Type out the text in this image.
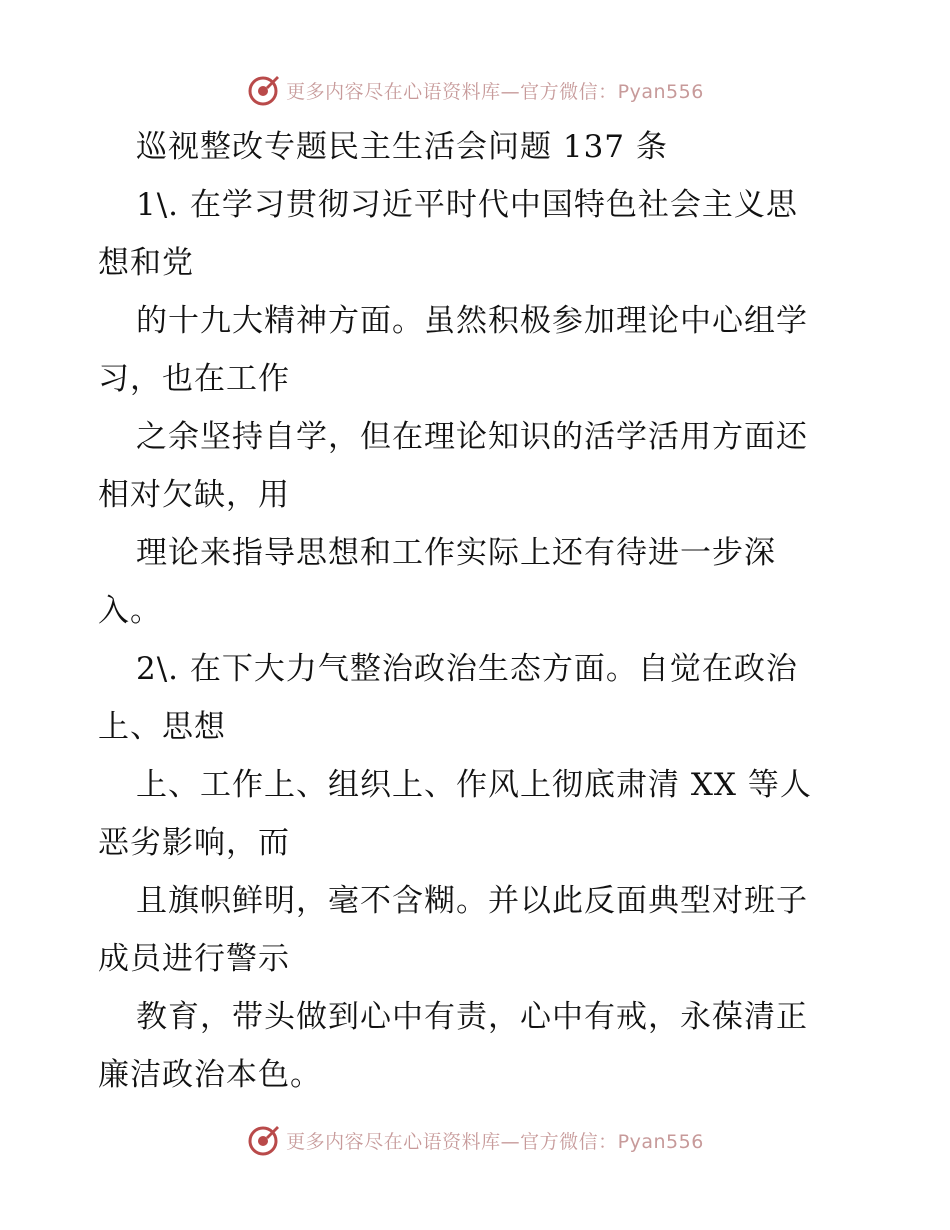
更多内容尽在心语资料库—官方微信：Pyan556
巡视整改专题民主生活会问题 137 条
1\. 在学习贯彻习近平时代中国特色社会主义思
想和党
的十九大精神方面。虽然积极参加理论中心组学
习，也在工作
之余坚持自学，但在理论知识的活学活用方面还
相对欠缺，用
理论来指导思想和工作实际上还有待进一步深
入。
2\. 在下大力气整治政治生态方面。自觉在政治
上、思想
上、工作上、组织上、作风上彻底肃清 XX 等人
恶劣影响，而
且旗帜鲜明，毫不含糊。并以此反面典型对班子
成员进行警示
教育，带头做到心中有责，心中有戒，永葆清正
廉洁政治本色。
更多内容尽在心语资料库—官方微信：Pyan556
